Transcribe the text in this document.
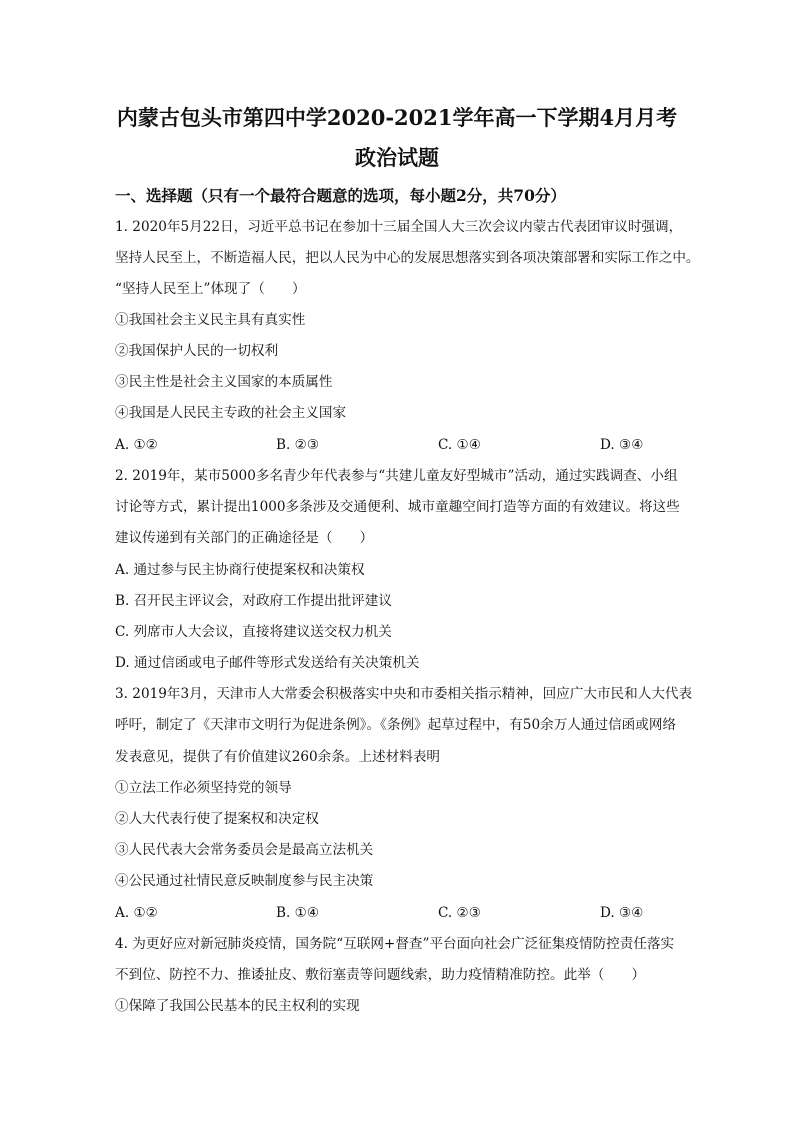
内蒙古包头市第四中学2020-2021学年高一下学期4月月考
政治试题
一、选择题（只有一个最符合题意的选项，每小题2分，共70分）
1. 2020年5月22日，习近平总书记在参加十三届全国人大三次会议内蒙古代表团审议时强调，
坚持人民至上，不断造福人民，把以人民为中心的发展思想落实到各项决策部署和实际工作之中。
“坚持人民至上”体现了（　　）
①我国社会主义民主具有真实性
②我国保护人民的一切权利
③民主性是社会主义国家的本质属性
④我国是人民民主专政的社会主义国家
A. ①②	B. ②③	C. ①④	D. ③④
2. 2019年，某市5000多名青少年代表参与“共建儿童友好型城市”活动，通过实践调查、小组
讨论等方式，累计提出1000多条涉及交通便利、城市童趣空间打造等方面的有效建议。将这些
建议传递到有关部门的正确途径是（　　）
A. 通过参与民主协商行使提案权和决策权
B. 召开民主评议会，对政府工作提出批评建议
C. 列席市人大会议，直接将建议送交权力机关
D. 通过信函或电子邮件等形式发送给有关决策机关
3. 2019年3月，天津市人大常委会积极落实中央和市委相关指示精神，回应广大市民和人大代表
呼吁，制定了《天津市文明行为促进条例》。《条例》起草过程中，有50余万人通过信函或网络
发表意见，提供了有价值建议260余条。上述材料表明
①立法工作必须坚持党的领导
②人大代表行使了提案权和决定权
③人民代表大会常务委员会是最高立法机关
④公民通过社情民意反映制度参与民主决策
A. ①②	B. ①④	C. ②③	D. ③④
4. 为更好应对新冠肺炎疫情，国务院“互联网+督查”平台面向社会广泛征集疫情防控责任落实
不到位、防控不力、推诿扯皮、敷衍塞责等问题线索，助力疫情精准防控。此举（　　）
①保障了我国公民基本的民主权利的实现
